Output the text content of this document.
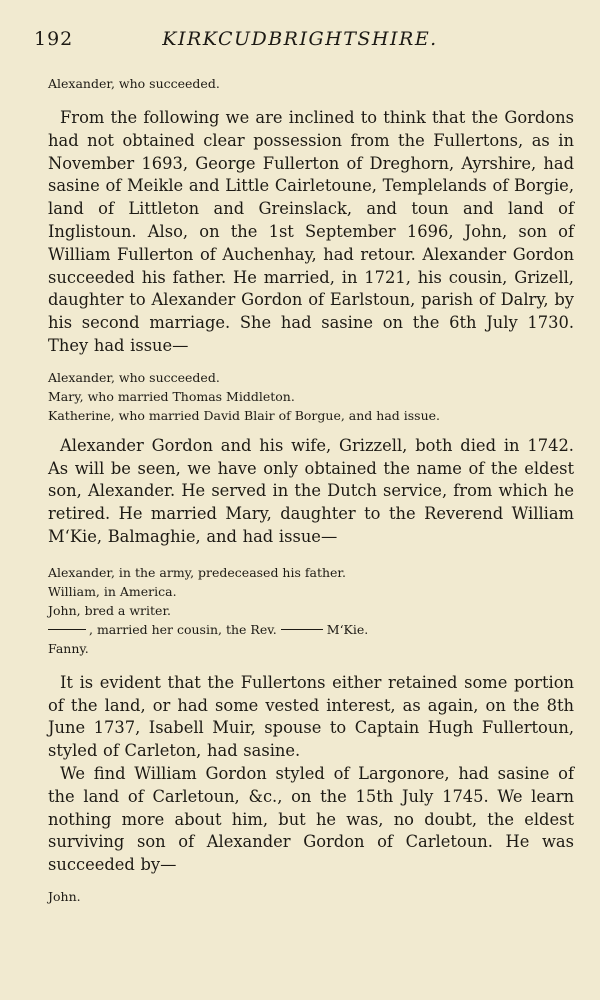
192	KIRKCUDBRIGHTSHIRE.

Alexander, who succeeded.

From the following we are inclined to think that the Gordons had not obtained clear possession from the Fullertons, as in November 1693, George Fullerton of Dreghorn, Ayrshire, had sasine of Meikle and Little Cairletoune, Templelands of Borgie, land of Littleton and Greinslack, and toun and land of Inglistoun. Also, on the 1st September 1696, John, son of William Fullerton of Auchenhay, had retour. Alexander Gordon succeeded his father. He married, in 1721, his cousin, Grizell, daughter to Alexander Gordon of Earlstoun, parish of Dalry, by his second marriage. She had sasine on the 6th July 1730. They had issue—

Alexander, who succeeded.

Mary, who married Thomas Middleton.

Katherine, who married David Blair of Borgue, and had issue.

Alexander Gordon and his wife, Grizzell, both died in 1742. As will be seen, we have only obtained the name of the eldest son, Alexander. He served in the Dutch service, from which he retired. He married Mary, daughter to the Reverend William M‘Kie, Balmaghie, and had issue—

Alexander, in the army, predeceased his father.

William, in America.

John, bred a writer.

, married her cousin, the Rev.	M‘Kie.

Fanny.

It is evident that the Fullertons either retained some portion of the land, or had some vested interest, as again, on the 8th June 1737, Isabell Muir, spouse to Captain Hugh Fullertoun, styled of Carleton, had sasine.

We find William Gordon styled of Largonore, had sasine of the land of Carletoun, &c., on the 15th July 1745. We learn nothing more about him, but he was, no doubt, the eldest surviving son of Alexander Gordon of Carletoun. He was succeeded by—

John.
